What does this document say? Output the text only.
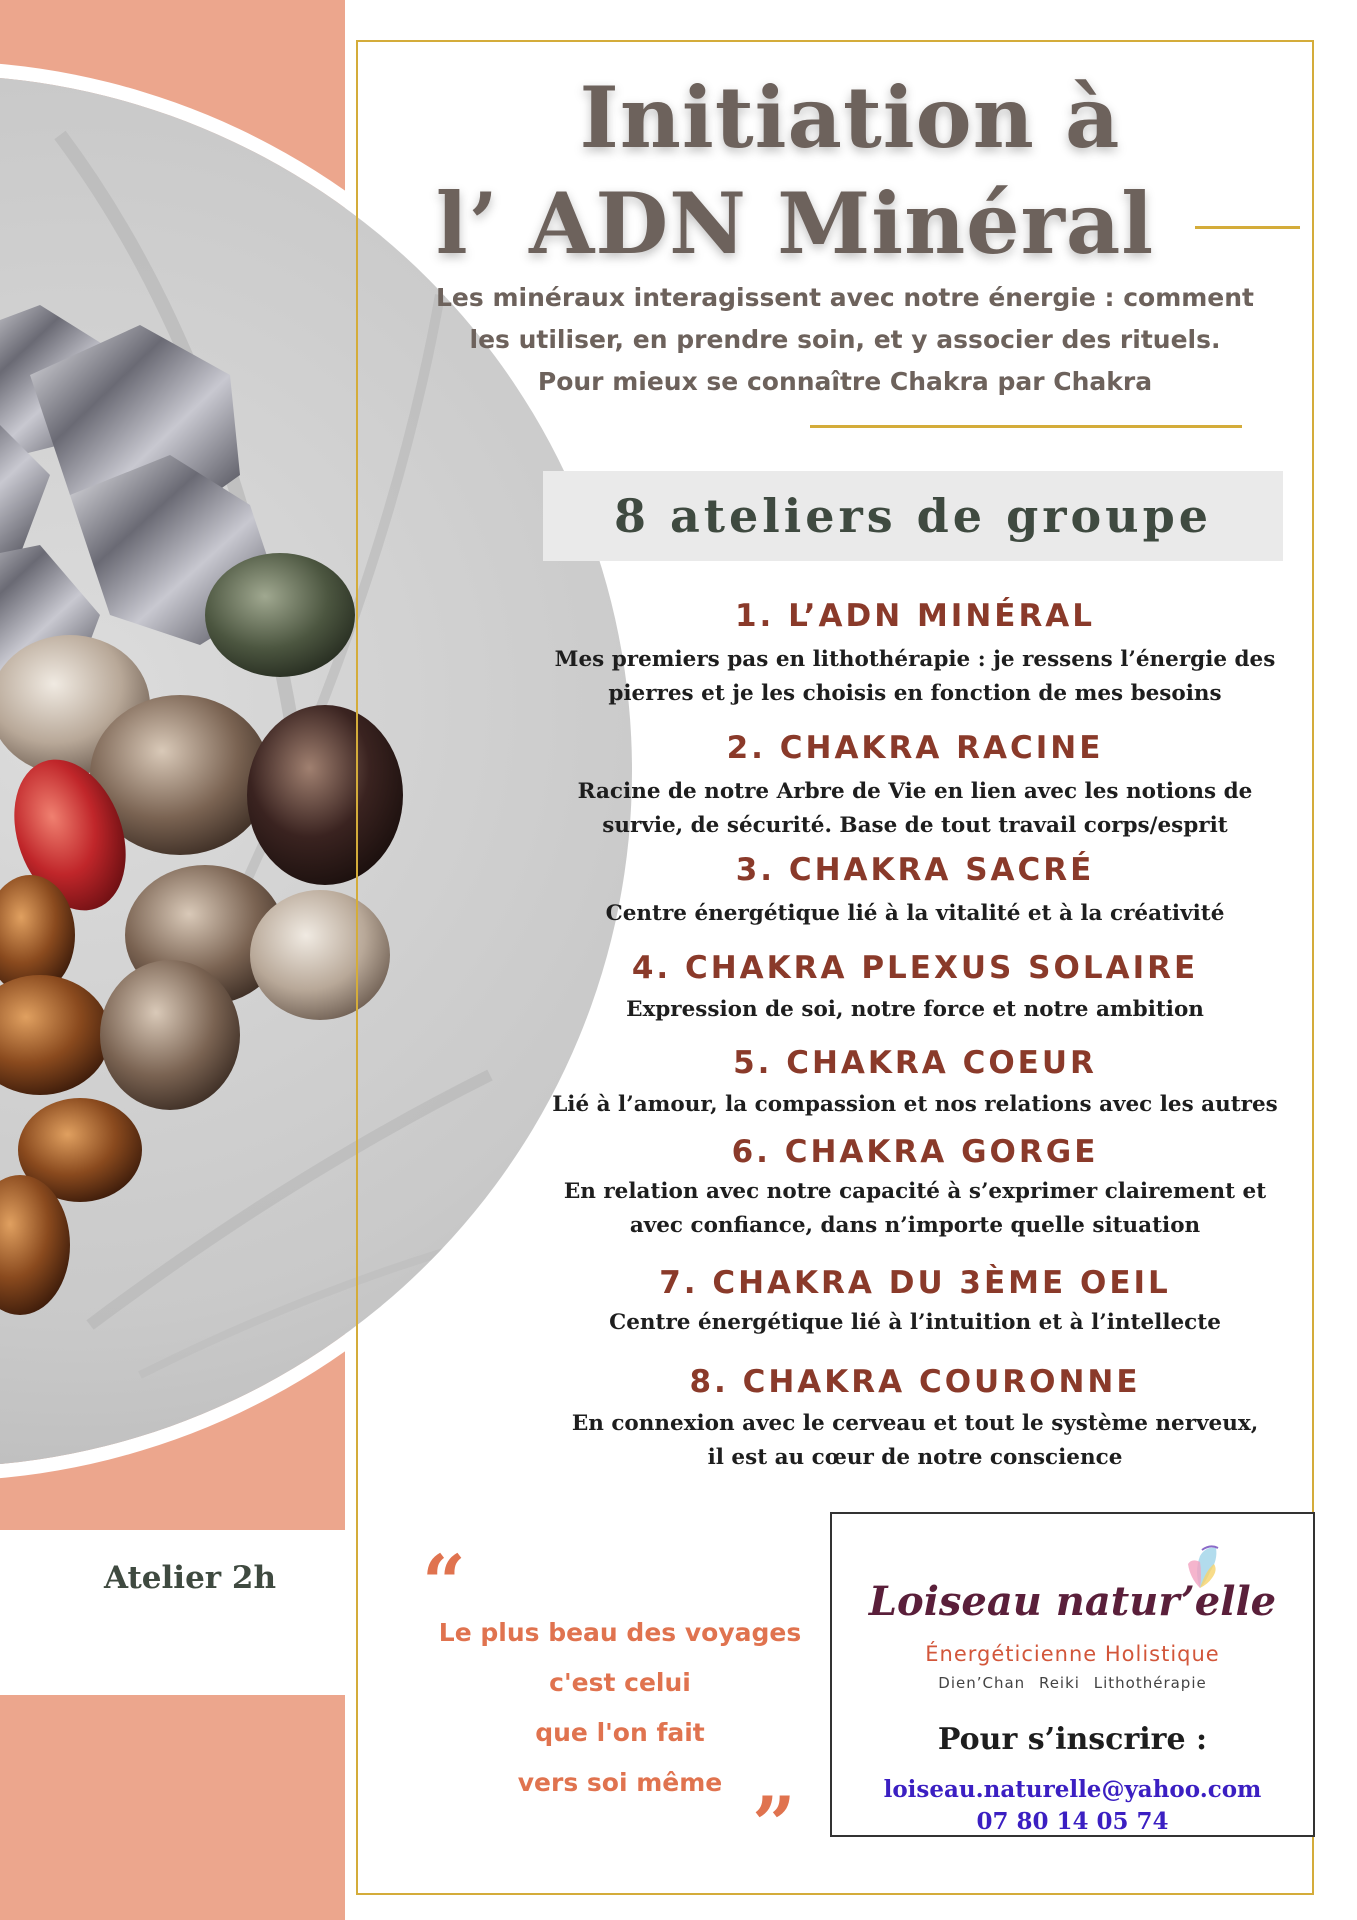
Initiation à
l’ ADN Minéral
Les minéraux interagissent avec notre énergie : comment
les utiliser, en prendre soin, et y associer des rituels.
Pour mieux se connaître Chakra par Chakra
8 ateliers de groupe
1. L’ADN MINÉRAL
Mes premiers pas en lithothérapie : je ressens l’énergie des
pierres et je les choisis en fonction de mes besoins
2. CHAKRA RACINE
Racine de notre Arbre de Vie en lien avec les notions de
survie, de sécurité. Base de tout travail corps/esprit
3. CHAKRA SACRÉ
Centre énergétique lié à la vitalité et à la créativité
4. CHAKRA PLEXUS SOLAIRE
Expression de soi, notre force et notre ambition
5. CHAKRA COEUR
Lié à l’amour, la compassion et nos relations avec les autres
6. CHAKRA GORGE
En relation avec notre capacité à s’exprimer clairement et
avec confiance, dans n’importe quelle situation
7. CHAKRA DU 3ÈME OEIL
Centre énergétique lié à l’intuition et à l’intellecte
8. CHAKRA COURONNE
En connexion avec le cerveau et tout le système nerveux,
il est au cœur de notre conscience
Atelier 2h	“
Le plus beau des voyages
c'est celui
que l'on fait
vers soi même ”
Loiseau natur’elle
Énergéticienne Holistique
Dien’Chan Reiki Lithothérapie
Pour s’inscrire :
loiseau.naturelle@yahoo.com
07 80 14 05 74
